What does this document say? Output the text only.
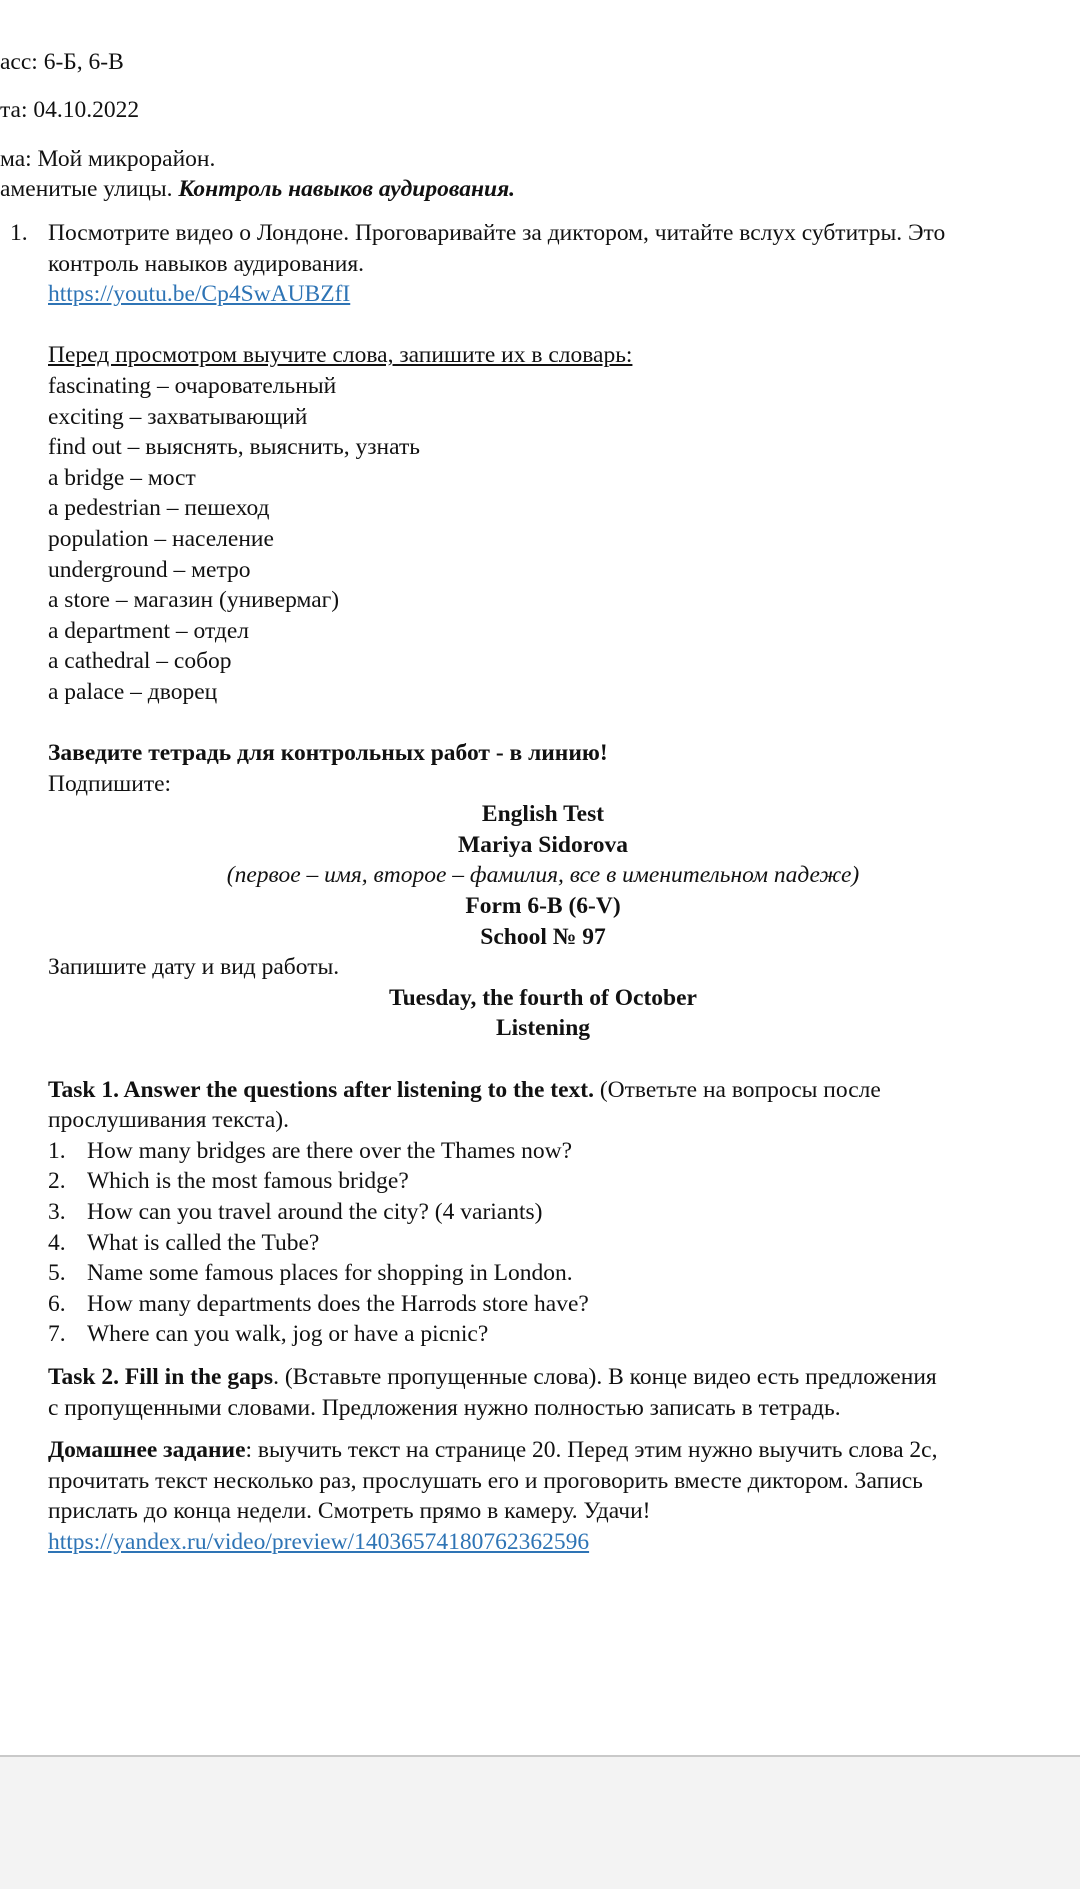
асс: 6-Б, 6-В
та: 04.10.2022
ма: Мой микрорайон.
аменитые улицы. Контроль навыков аудирования.
1. Посмотрите видео о Лондоне. Проговаривайте за диктором, читайте вслух субтитры. Это

контроль навыков аудирования.

https://youtu.be/Cp4SwAUBZfI

Перед просмотром выучите слова, запишите их в словарь:

fascinating – очаровательный

exciting – захватывающий

find out – выяснять, выяснить, узнать

a bridge – мост

a pedestrian – пешеход

population – население

underground – метро

a store – магазин (универмаг)

a department – отдел

a cathedral – собор

a palace – дворец

Заведите тетрадь для контрольных работ - в линию!

Подпишите:

English Test

Mariya Sidorova

(первое – имя, второе – фамилия, все в именительном падеже)

Form 6-B (6-V)

School № 97

Запишите дату и вид работы.

Tuesday, the fourth of October

Listening

Task 1. Answer the questions after listening to the text. (Ответьте на вопросы после

прослушивания текста).

1. How many bridges are there over the Thames now?
2. Which is the most famous bridge?
3. How can you travel around the city? (4 variants)
4. What is called the Tube?
5. Name some famous places for shopping in London.
6. How many departments does the Harrods store have?
7. Where can you walk, jog or have a picnic?

Task 2. Fill in the gaps. (Вставьте пропущенные слова). В конце видео есть предложения

с пропущенными словами. Предложения нужно полностью записать в тетрадь.

Домашнее задание: выучить текст на странице 20. Перед этим нужно выучить слова 2с,

прочитать текст несколько раз, прослушать его и проговорить вместе диктором. Запись

прислать до конца недели. Смотреть прямо в камеру. Удачи!

https://yandex.ru/video/preview/14036574180762362596
